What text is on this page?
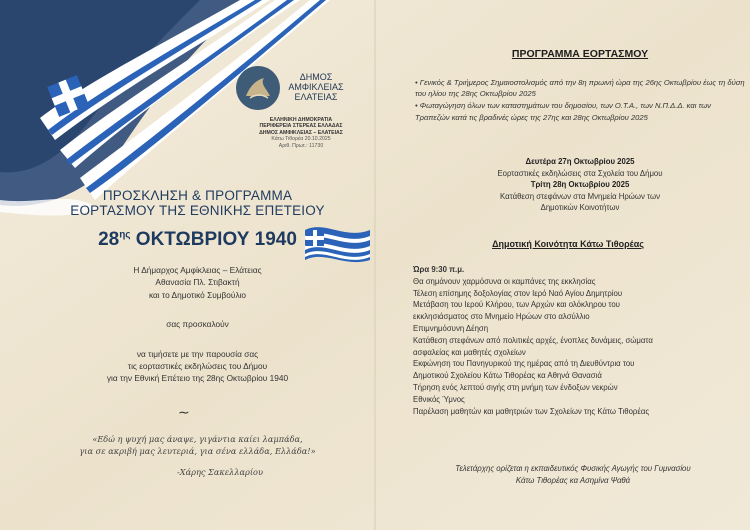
ΔΗΜΟΣ
ΑΜΦΙΚΛΕΙΑΣ
ΕΛΑΤΕΙΑΣ
ΕΛΛΗΝΙΚΗ ΔΗΜΟΚΡΑΤΙΑ
ΠΕΡΙΦΕΡΕΙΑ ΣΤΕΡΕΑΣ ΕΛΛΑΔΑΣ
ΔΗΜΟΣ ΑΜΦΙΚΛΕΙΑΣ – ΕΛΑΤΕΙΑΣ
Κάτω Τιθορέα 20.10.2025
Αριθ. Πρωτ.: 11730
ΠΡΟΣΚΛΗΣΗ & ΠΡΟΓΡΑΜΜΑ
ΕΟΡΤΑΣΜΟΥ ΤΗΣ ΕΘΝΙΚΗΣ ΕΠΕΤΕΙΟΥ
$28^{\eta\varsigma}$ ΟΚΤΩΒΡΙΟΥ 1940
Η Δήμαρχος Αμφίκλειας – Ελάτειας
Αθανασία Πλ. Στιβακτή
και το Δημοτικό Συμβούλιο
σας προσκαλούν
να τιμήσετε με την παρουσία σας
τις εορταστικές εκδηλώσεις του Δήμου
για την Εθνική Επέτειο της 28ης Οκτωβρίου 1940
∼
«Εδώ η ψυχή μας άναψε, γιγάντια καίει λαμπάδα,
για σε ακριβή μας λευτεριά, για σένα ελλάδα, Ελλάδα!»
-Χάρης Σακελλαρίου
ΠΡΟΓΡΑΜΜΑ ΕΟΡΤΑΣΜΟΥ

• Γενικός & Τριήμερος Σημαιοστολισμός από την 8η πρωινή ώρα της 26ης Οκτωβρίου έως τη δύση του ηλίου της 28ης Οκτωβρίου 2025

• Φωταγώγηση όλων των καταστημάτων του δημοσίου, των Ο.Τ.Α., των Ν.Π.Δ.Δ. και των Τραπεζών κατά τις βραδινές ώρες της 27ης και 28ης Οκτωβρίου 2025

Δευτέρα 27η Οκτωβρίου 2025
Εορταστικές εκδηλώσεις στα Σχολεία του Δήμου
Τρίτη 28η Οκτωβρίου 2025
Κατάθεση στεφάνων στα Μνημεία Ηρώων των
Δημοτικών Κοινοτήτων
Δημοτική Κοινότητα Κάτω Τιθορέας
Ώρα 9:30 π.μ.
Θα σημάνουν χαρμόσυνα οι καμπάνες της εκκλησίας
Τέλεση επίσημης δοξολογίας στον Ιερό Ναό Αγίου Δημητρίου
Μετάβαση του Ιερού Κλήρου, των Αρχών και ολόκληρου του
εκκλησιάσματος στο Μνημείο Ηρώων στο αλσύλλιο
Επιμνημόσυνη Δέηση
Κατάθεση στεφάνων από πολιτικές αρχές, ένοπλες δυνάμεις, σώματα
ασφαλείας και μαθητές σχολείων
Εκφώνηση του Πανηγυρικού της ημέρας από τη Διευθύντρια του
Δημοτικού Σχολείου Κάτω Τιθορέας κα Αθηνά Θανασιά
Τήρηση ενός λεπτού σιγής στη μνήμη των ένδοξων νεκρών
Εθνικός Ύμνος
Παρέλαση μαθητών και μαθητριών των Σχολείων της Κάτω Τιθορέας
Τελετάρχης ορίζεται η εκπαιδευτικός Φυσικής Αγωγής του Γυμνασίου
Κάτω Τιθορέας κα Ασημίνα Ψαθά
